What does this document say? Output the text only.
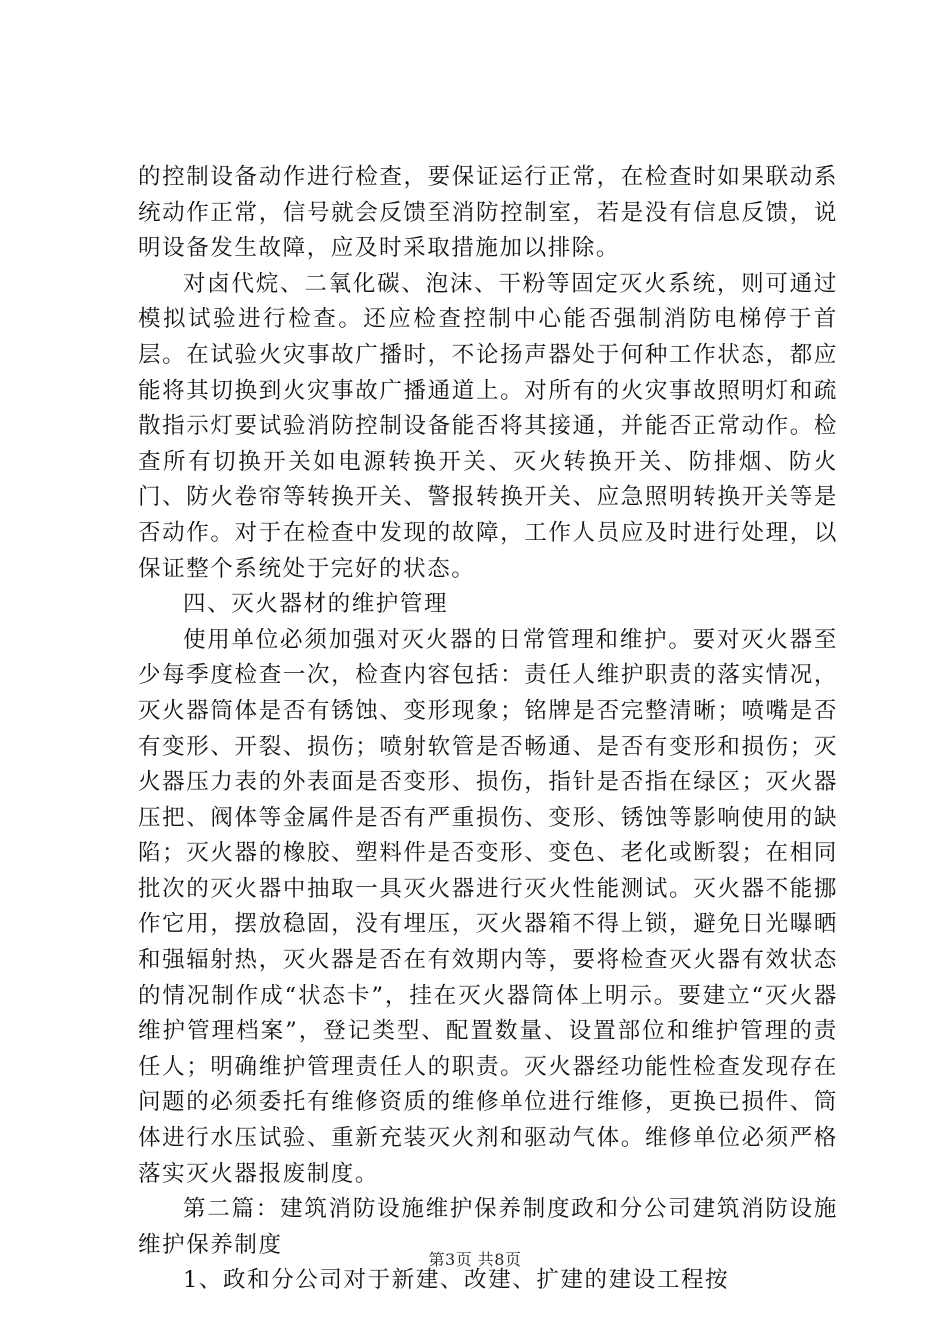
的控制设备动作进行检查，要保证运行正常，在检查时如果联动系统动作正常，信号就会反馈至消防控制室，若是没有信息反馈，说明设备发生故障，应及时采取措施加以排除。

对卤代烷、二氧化碳、泡沫、干粉等固定灭火系统，则可通过模拟试验进行检查。还应检查控制中心能否强制消防电梯停于首层。在试验火灾事故广播时，不论扬声器处于何种工作状态，都应能将其切换到火灾事故广播通道上。对所有的火灾事故照明灯和疏散指示灯要试验消防控制设备能否将其接通，并能否正常动作。检查所有切换开关如电源转换开关、灭火转换开关、防排烟、防火门、防火卷帘等转换开关、警报转换开关、应急照明转换开关等是否动作。对于在检查中发现的故障，工作人员应及时进行处理，以保证整个系统处于完好的状态。

四、灭火器材的维护管理

使用单位必须加强对灭火器的日常管理和维护。要对灭火器至少每季度检查一次，检查内容包括：责任人维护职责的落实情况，灭火器筒体是否有锈蚀、变形现象；铭牌是否完整清晰；喷嘴是否有变形、开裂、损伤；喷射软管是否畅通、是否有变形和损伤；灭火器压力表的外表面是否变形、损伤，指针是否指在绿区；灭火器压把、阀体等金属件是否有严重损伤、变形、锈蚀等影响使用的缺陷；灭火器的橡胶、塑料件是否变形、变色、老化或断裂；在相同批次的灭火器中抽取一具灭火器进行灭火性能测试。灭火器不能挪作它用，摆放稳固，没有埋压，灭火器箱不得上锁，避免日光曝晒和强辐射热，灭火器是否在有效期内等，要将检查灭火器有效状态的情况制作成“状态卡”，挂在灭火器筒体上明示。要建立“灭火器维护管理档案”，登记类型、配置数量、设置部位和维护管理的责任人；明确维护管理责任人的职责。灭火器经功能性检查发现存在问题的必须委托有维修资质的维修单位进行维修，更换已损件、筒体进行水压试验、重新充装灭火剂和驱动气体。维修单位必须严格落实灭火器报废制度。

第二篇：建筑消防设施维护保养制度政和分公司建筑消防设施维护保养制度

1、政和分公司对于新建、改建、扩建的建设工程按

第3页 共8页
